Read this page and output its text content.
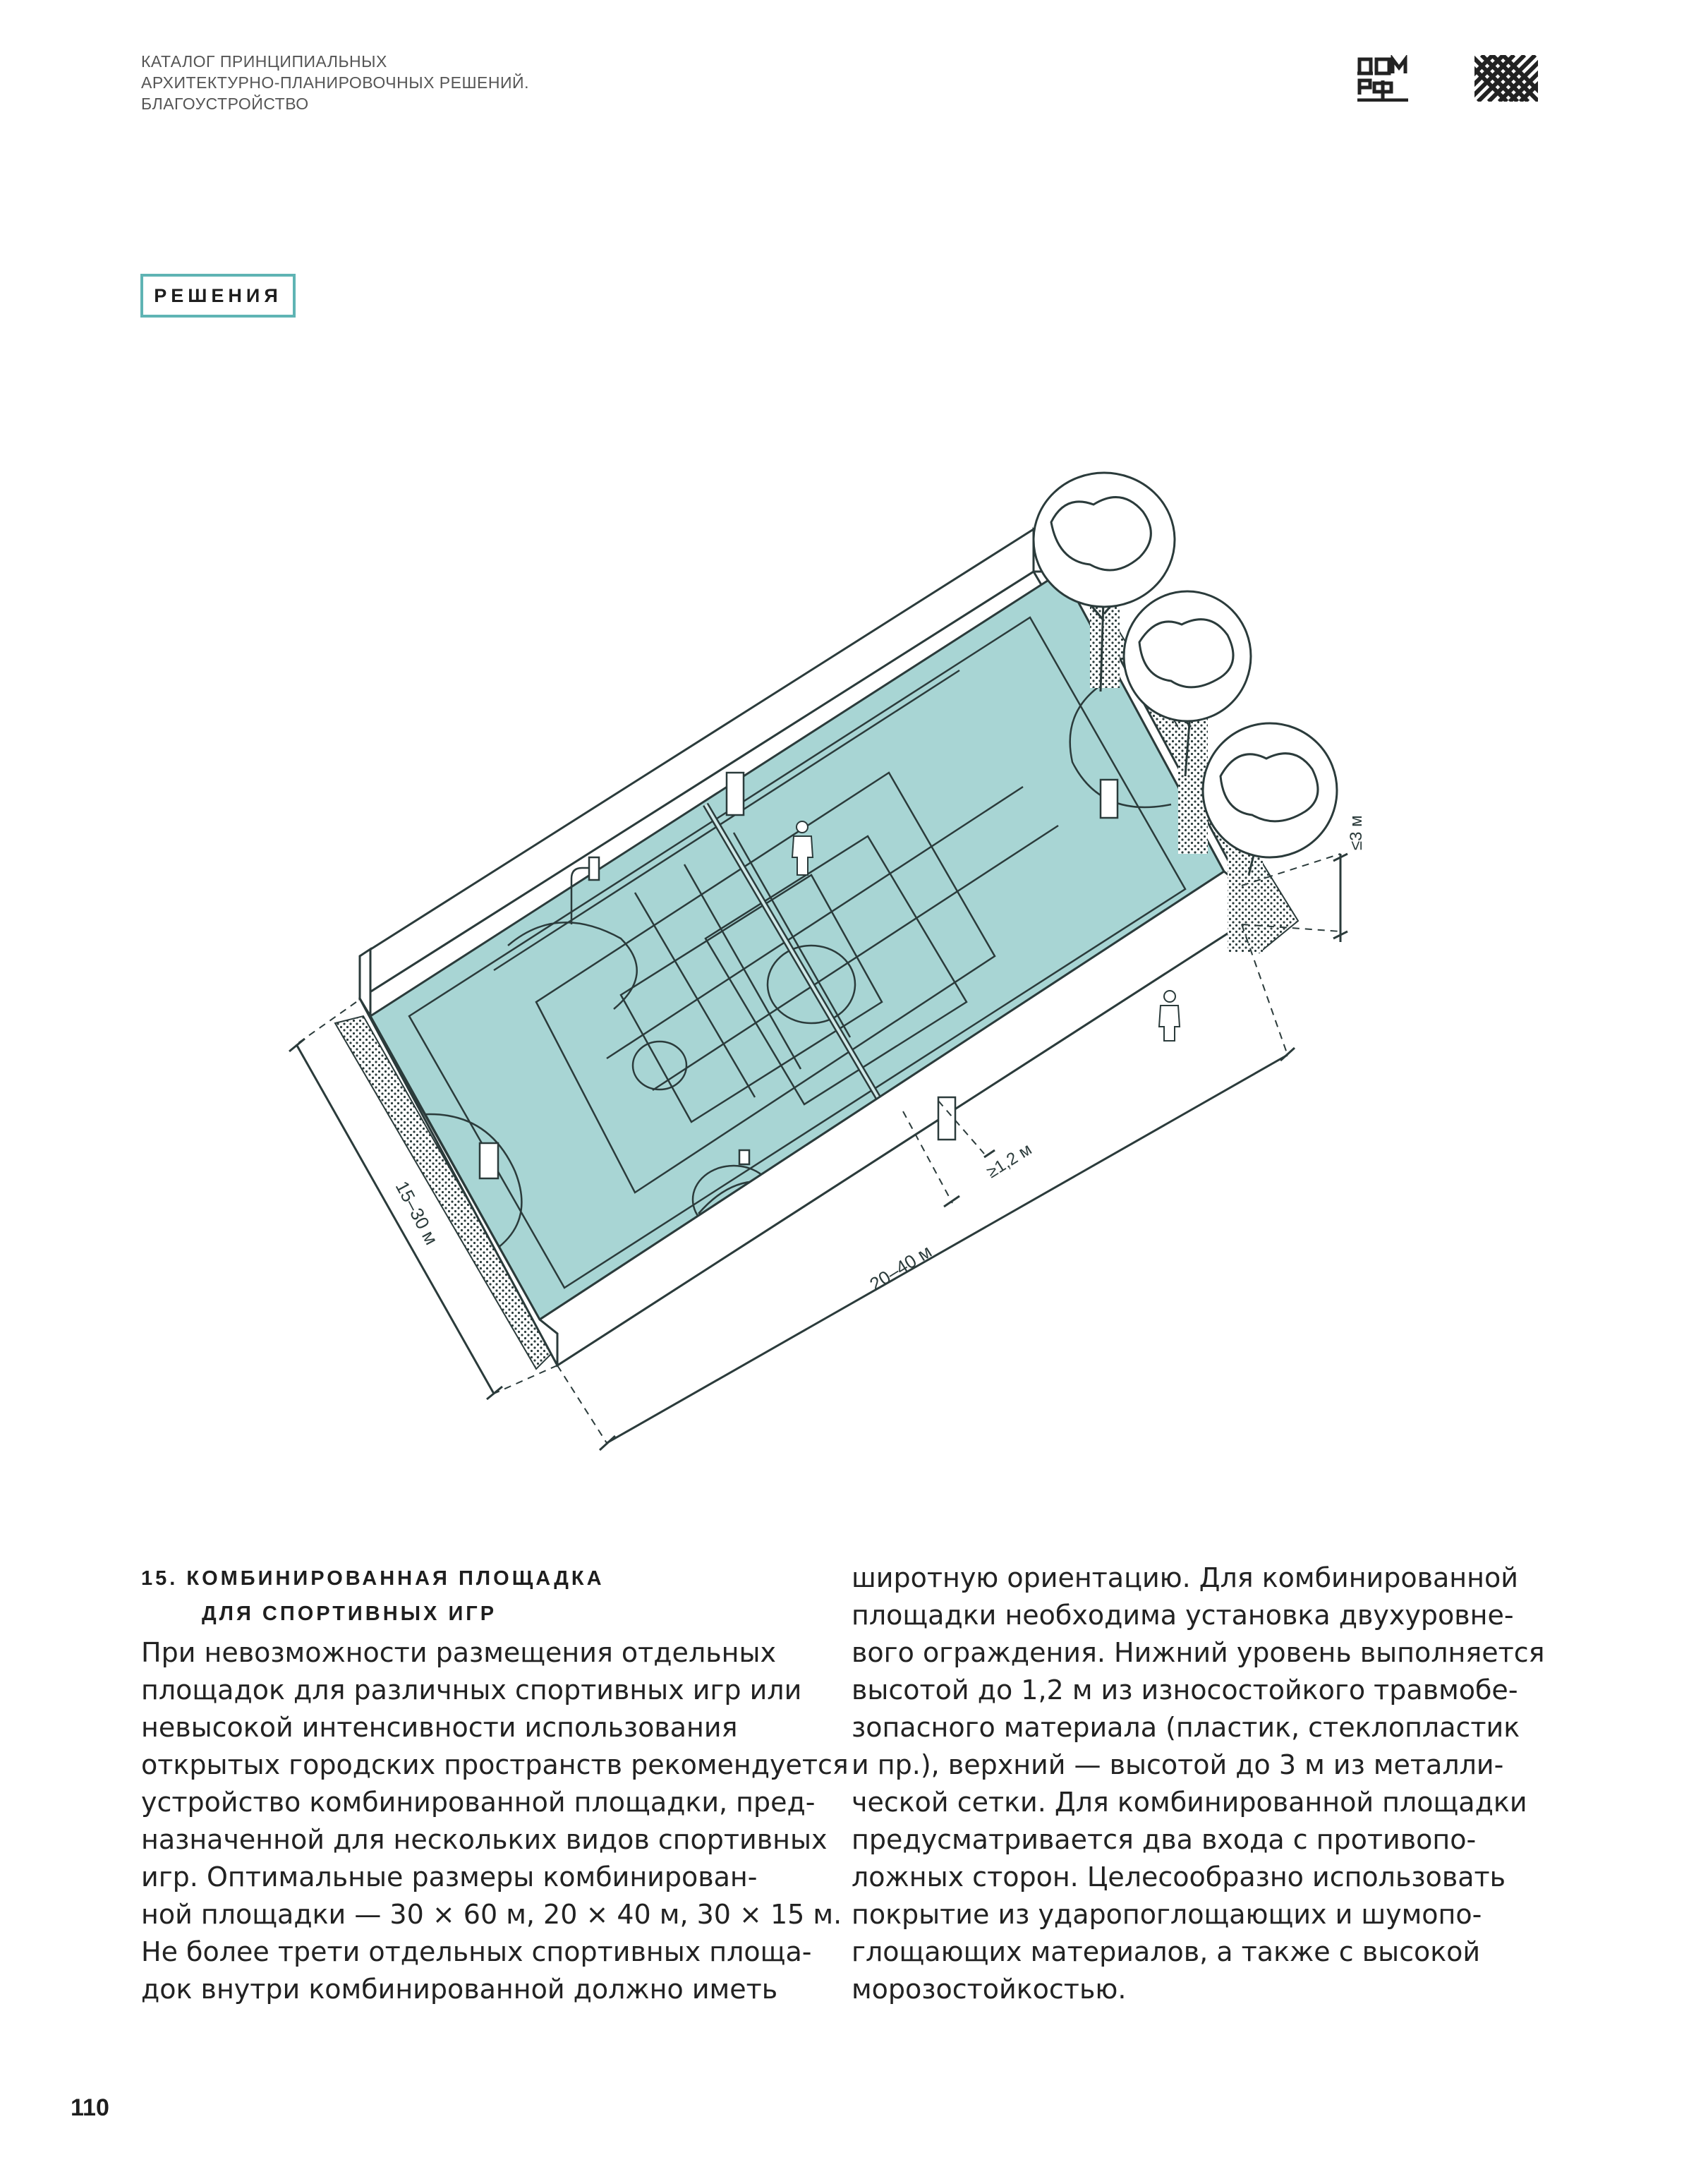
КАТАЛОГ ПРИНЦИПИАЛЬНЫХ
АРХИТЕКТУРНО-ПЛАНИРОВОЧНЫХ РЕШЕНИЙ.
БЛАГОУСТРОЙСТВО
РЕШЕНИЯ
15–30 м
20–40 м
≥1,2 м
≤3 м
15. КОМБИНИРОВАННАЯ ПЛОЩАДКА
ДЛЯ СПОРТИВНЫХ ИГР
При невозможности размещения отдельных
площадок для различных спортивных игр или
невысокой интенсивности использования
открытых городских пространств рекомендуется
устройство комбинированной площадки, пред-
назначенной для нескольких видов спортивных
игр. Оптимальные размеры комбинирован-
ной площадки — 30 × 60 м, 20 × 40 м, 30 × 15 м.
Не более трети отдельных спортивных площа-
док внутри комбинированной должно иметь
широтную ориентацию. Для комбинированной
площадки необходима установка двухуровне-
вого ограждения. Нижний уровень выполняется
высотой до 1,2 м из износостойкого травмобе-
зопасного материала (пластик, стеклопластик
и пр.), верхний — высотой до 3 м из металли-
ческой сетки. Для комбинированной площадки
предусматривается два входа с противопо-
ложных сторон. Целесообразно использовать
покрытие из ударопоглощающих и шумопо-
глощающих материалов, а также с высокой
морозостойкостью.
110
